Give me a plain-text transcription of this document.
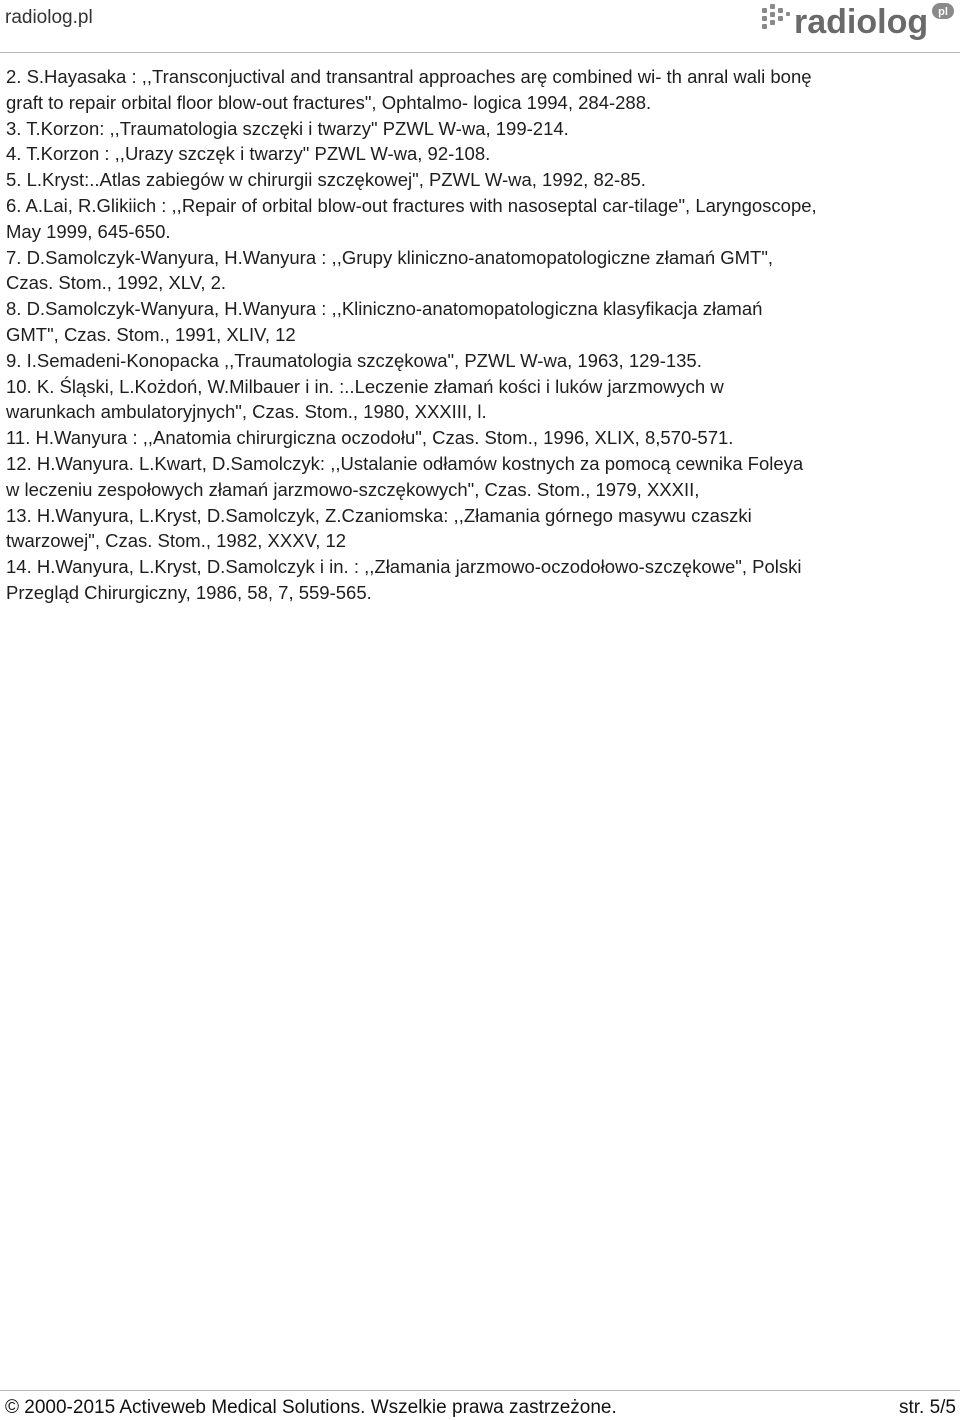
radiolog.pl	radiolog pl
2. S.Hayasaka : ,,Transconjuctival and transantral approaches arę combined wi- th anral wali bonę
graft to repair orbital floor blow-out fractures", Ophtalmo- logica 1994, 284-288.
3. T.Korzon: ,,Traumatologia szczęki i twarzy" PZWL W-wa, 199-214.
4. T.Korzon : ,,Urazy szczęk i twarzy" PZWL W-wa, 92-108.
5. L.Kryst:..Atlas zabiegów w chirurgii szczękowej", PZWL W-wa, 1992, 82-85.
6. A.Lai, R.Glikiich : ,,Repair of orbital blow-out fractures with nasoseptal car-tilage", Laryngoscope,
May 1999, 645-650.
7. D.Samolczyk-Wanyura, H.Wanyura : ,,Grupy kliniczno-anatomopatologiczne złamań GMT",
Czas. Stom., 1992, XLV, 2.
8. D.Samolczyk-Wanyura, H.Wanyura : ,,Kliniczno-anatomopatologiczna klasyfikacja złamań
GMT", Czas. Stom., 1991, XLIV, 12
9. I.Semadeni-Konopacka ,,Traumatologia szczękowa", PZWL W-wa, 1963, 129-135.
10. K. Śląski, L.Kożdoń, W.Milbauer i in. :..Leczenie złamań kości i luków jarzmowych w
warunkach ambulatoryjnych", Czas. Stom., 1980, XXXIII, l.
11. H.Wanyura : ,,Anatomia chirurgiczna oczodołu", Czas. Stom., 1996, XLIX, 8,570-571.
12. H.Wanyura. L.Kwart, D.Samolczyk: ,,Ustalanie odłamów kostnych za pomocą cewnika Foleya
w leczeniu zespołowych złamań jarzmowo-szczękowych", Czas. Stom., 1979, XXXII,
13. H.Wanyura, L.Kryst, D.Samolczyk, Z.Czaniomska: ,,Złamania górnego masywu czaszki
twarzowej", Czas. Stom., 1982, XXXV, 12
14. H.Wanyura, L.Kryst, D.Samolczyk i in. : ,,Złamania jarzmowo-oczodołowo-szczękowe", Polski
Przegląd Chirurgiczny, 1986, 58, 7, 559-565.
© 2000-2015 Activeweb Medical Solutions. Wszelkie prawa zastrzeżone.	str. 5/5
